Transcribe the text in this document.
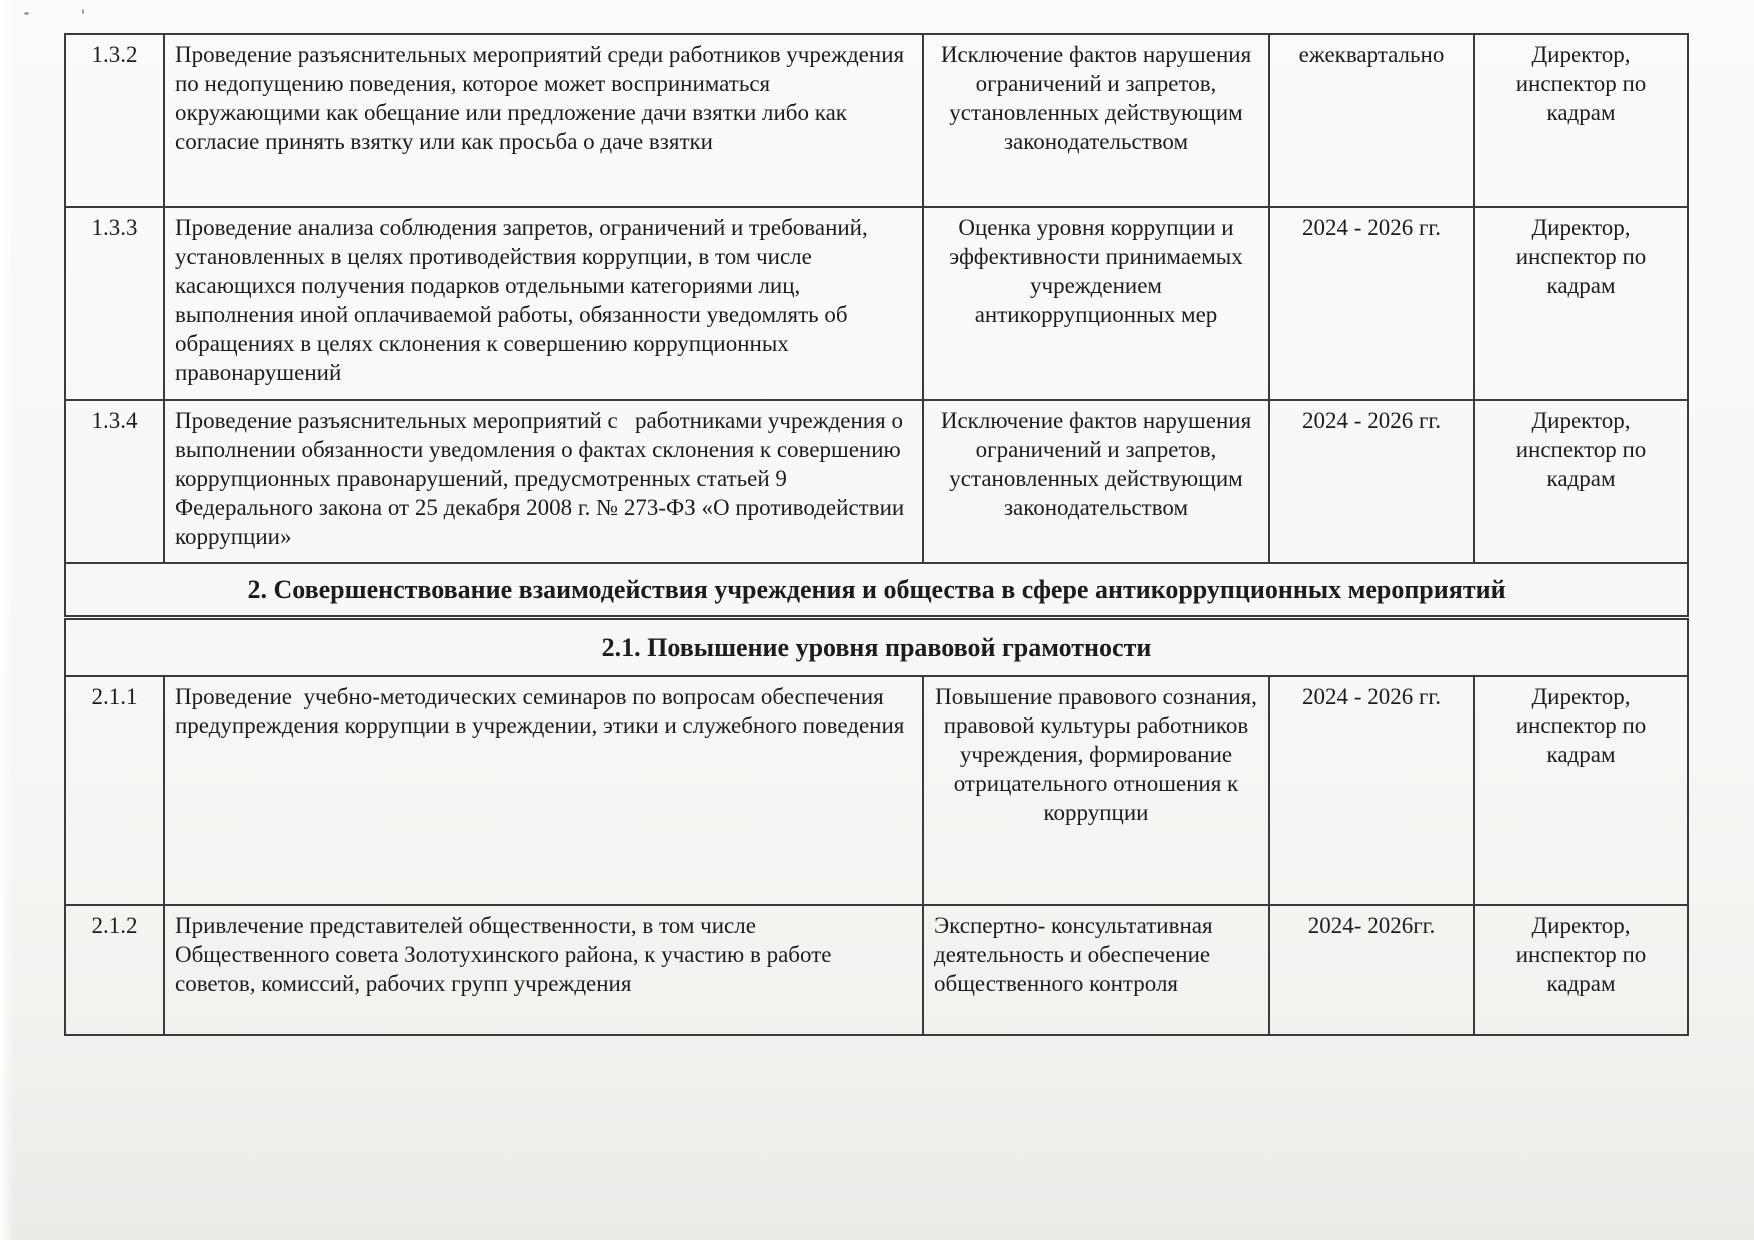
1.3.2	Проведение разъяснительных мероприятий среди работников учреждения по недопущению поведения, которое может восприниматься окружающими как обещание или предложение дачи взятки либо как согласие принять взятку или как просьба о даче взятки	Исключение фактов нарушения ограничений и запретов, установленных действующим законодательством	ежеквартально	Директор, инспектор по кадрам
1.3.3	Проведение анализа соблюдения запретов, ограничений и требований, установленных в целях противодействия коррупции, в том числе касающихся получения подарков отдельными категориями лиц, выполнения иной оплачиваемой работы, обязанности уведомлять об обращениях в целях склонения к совершению коррупционных правонарушений	Оценка уровня коррупции и эффективности принимаемых учреждением антикоррупционных мер	2024 - 2026 гг.	Директор, инспектор по кадрам
1.3.4	Проведение разъяснительных мероприятий с   работниками учреждения о выполнении обязанности уведомления о фактах склонения к совершению коррупционных правонарушений, предусмотренных статьей 9 Федерального закона от 25 декабря 2008 г. № 273-ФЗ «О противодействии коррупции»	Исключение фактов нарушения ограничений и запретов, установленных действующим законодательством	2024 - 2026 гг.	Директор, инспектор по кадрам
2. Совершенствование взаимодействия учреждения и общества в сфере антикоррупционных мероприятий				
2.1. Повышение уровня правовой грамотности				
2.1.1	Проведение  учебно-методических семинаров по вопросам обеспечения предупреждения коррупции в учреждении, этики и служебного поведения	Повышение правового сознания, правовой культуры работников   учреждения, формирование отрицательного отношения к коррупции	2024 - 2026 гг.	Директор, инспектор по кадрам
2.1.2	Привлечение представителей общественности, в том числе Общественного совета Золотухинского района, к участию в работе советов, комиссий, рабочих групп учреждения	Экспертно- консультативная деятельность и обеспечение общественного контроля	2024- 2026гг.	Директор, инспектор по кадрам
